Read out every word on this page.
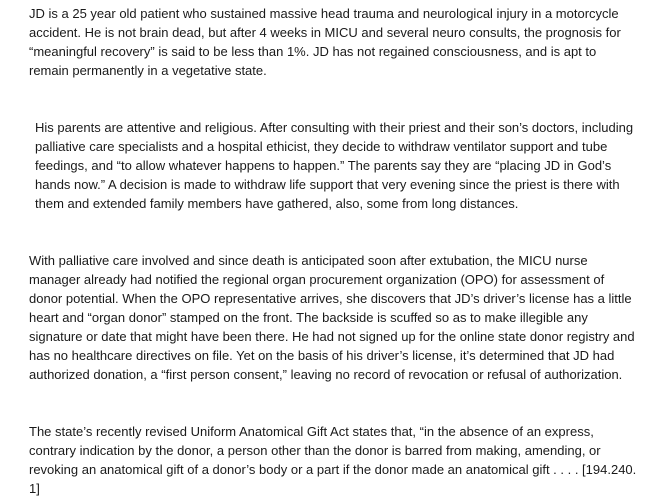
JD is a 25 year old patient who sustained massive head trauma and neurological injury in a motorcycle
accident. He is not brain dead, but after 4 weeks in MICU and several neuro consults, the prognosis for
“meaningful recovery” is said to be less than 1%. JD has not regained consciousness, and is apt to
remain permanently in a vegetative state.

His parents are attentive and religious. After consulting with their priest and their son’s doctors, including
palliative care specialists and a hospital ethicist, they decide to withdraw ventilator support and tube
feedings, and “to allow whatever happens to happen.” The parents say they are “placing JD in God’s
hands now.” A decision is made to withdraw life support that very evening since the priest is there with
them and extended family members have gathered, also, some from long distances.

With palliative care involved and since death is anticipated soon after extubation, the MICU nurse
manager already had notified the regional organ procurement organization (OPO) for assessment of
donor potential. When the OPO representative arrives, she discovers that JD’s driver’s license has a little
heart and “organ donor” stamped on the front. The backside is scuffed so as to make illegible any
signature or date that might have been there. He had not signed up for the online state donor registry and
has no healthcare directives on file. Yet on the basis of his driver’s license, it’s determined that JD had
authorized donation, a “first person consent,” leaving no record of revocation or refusal of authorization.

The state’s recently revised Uniform Anatomical Gift Act states that, “in the absence of an express,
contrary indication by the donor, a person other than the donor is barred from making, amending, or
revoking an anatomical gift of a donor’s body or a part if the donor made an anatomical gift . . . . [194.240.
1]
